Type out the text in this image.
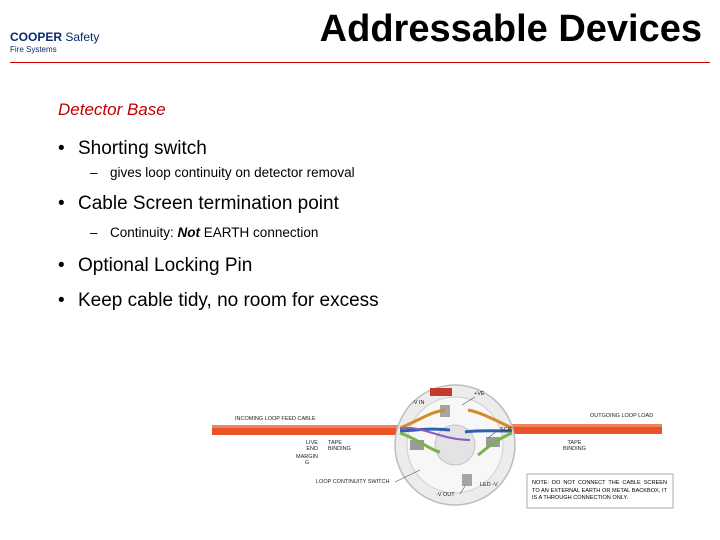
COOPER Safety
Fire Systems	Addressable Devices
Detector Base
• Shorting switch
– gives loop continuity on detector removal
• Cable Screen termination point
– Continuity: Not EARTH connection
• Optional Locking Pin
• Keep cable tidy, no room for excess
INCOMING LOOP FEED CABLE	OUTGOING LOOP LOAD
-V IN
+VE
SCR
LIVE
END
MARGIN
G
TAPE
BINDING
TAPE
BINDING
LOOP CONTINUITY SWITCH
-V OUT
LED -V	NOTE: DO NOT CONNECT THE CABLE SCREEN TO AN EXTERNAL EARTH OR METAL BACKBOX, IT IS A THROUGH CONNECTION ONLY.
